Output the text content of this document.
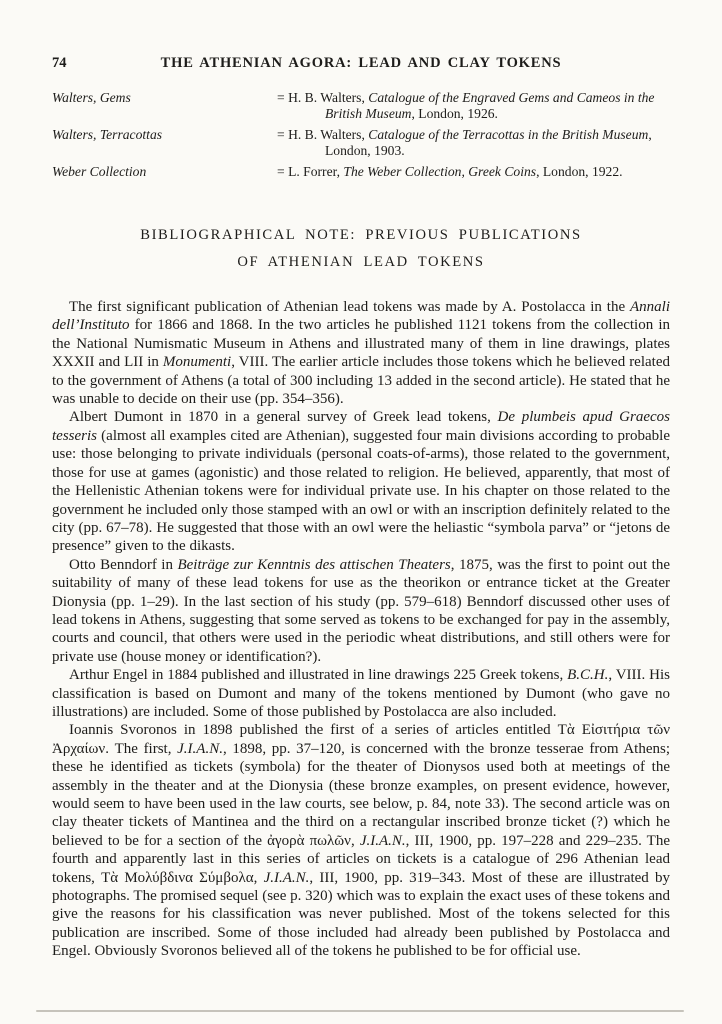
74	THE ATHENIAN AGORA: LEAD AND CLAY TOKENS
Walters, Gems	= H. B. Walters, Catalogue of the Engraved Gems and Cameos in the British Museum, London, 1926.
Walters, Terracottas	= H. B. Walters, Catalogue of the Terracottas in the British Museum, London, 1903.
Weber Collection	= L. Forrer, The Weber Collection, Greek Coins, London, 1922.
BIBLIOGRAPHICAL NOTE: PREVIOUS PUBLICATIONS
OF ATHENIAN LEAD TOKENS

The first significant publication of Athenian lead tokens was made by A. Postolacca in the Annali dell’Instituto for 1866 and 1868. In the two articles he published 1121 tokens from the collection in the National Numismatic Museum in Athens and illustrated many of them in line drawings, plates XXXII and LII in Monumenti, VIII. The earlier article includes those tokens which he believed related to the government of Athens (a total of 300 including 13 added in the second article). He stated that he was unable to decide on their use (pp. 354–356).

Albert Dumont in 1870 in a general survey of Greek lead tokens, De plumbeis apud Graecos tesseris (almost all examples cited are Athenian), suggested four main divisions according to probable use: those belonging to private individuals (personal coats-of-arms), those related to the government, those for use at games (agonistic) and those related to religion. He believed, apparently, that most of the Hellenistic Athenian tokens were for individual private use. In his chapter on those related to the government he included only those stamped with an owl or with an inscription definitely related to the city (pp. 67–78). He suggested that those with an owl were the heliastic “symbola parva” or “jetons de presence” given to the dikasts.

Otto Benndorf in Beiträge zur Kenntnis des attischen Theaters, 1875, was the first to point out the suitability of many of these lead tokens for use as the theorikon or entrance ticket at the Greater Dionysia (pp. 1–29). In the last section of his study (pp. 579–618) Benndorf discussed other uses of lead tokens in Athens, suggesting that some served as tokens to be exchanged for pay in the assembly, courts and council, that others were used in the periodic wheat distributions, and still others were for private use (house money or identification?).

Arthur Engel in 1884 published and illustrated in line drawings 225 Greek tokens, B.C.H., VIII. His classification is based on Dumont and many of the tokens mentioned by Dumont (who gave no illustrations) are included. Some of those published by Postolacca are also included.

Ioannis Svoronos in 1898 published the first of a series of articles entitled Τὰ Εἰσιτήρια τῶν Ἀρχαίων. The first, J.I.A.N., 1898, pp. 37–120, is concerned with the bronze tesserae from Athens; these he identified as tickets (symbola) for the theater of Dionysos used both at meetings of the assembly in the theater and at the Dionysia (these bronze examples, on present evidence, however, would seem to have been used in the law courts, see below, p. 84, note 33). The second article was on clay theater tickets of Mantinea and the third on a rectangular inscribed bronze ticket (?) which he believed to be for a section of the ἀγορὰ πωλῶν, J.I.A.N., III, 1900, pp. 197–228 and 229–235. The fourth and apparently last in this series of articles on tickets is a catalogue of 296 Athenian lead tokens, Τὰ Μολύβδινα Σύμβολα, J.I.A.N., III, 1900, pp. 319–343. Most of these are illustrated by photographs. The promised sequel (see p. 320) which was to explain the exact uses of these tokens and give the reasons for his classification was never published. Most of the tokens selected for this publication are inscribed. Some of those included had already been published by Postolacca and Engel. Obviously Svoronos believed all of the tokens he published to be for official use.
